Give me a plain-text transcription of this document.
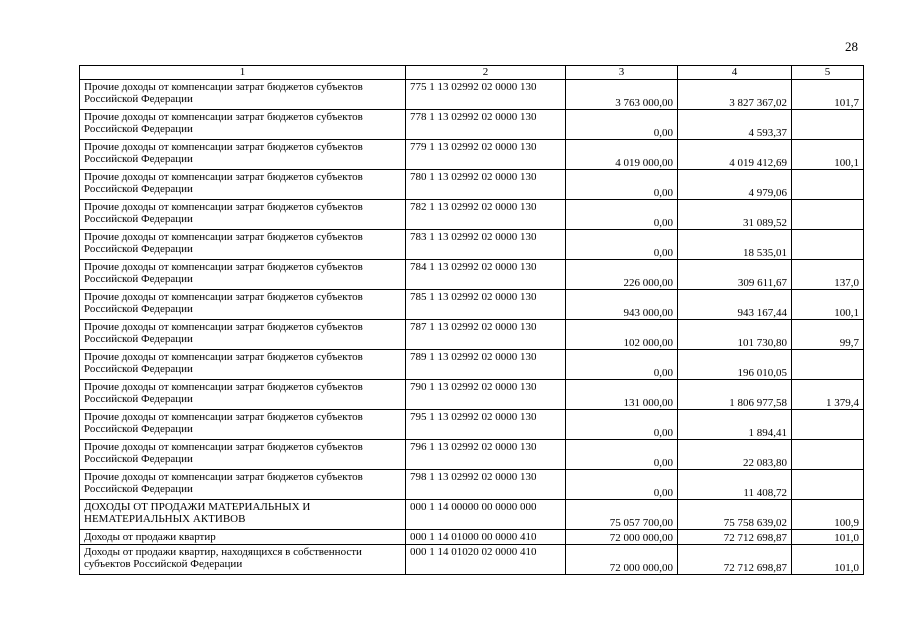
28
1	2	3	4	5
Прочие доходы от компенсации затрат бюджетов субъектов Российской Федерации	775 1 13 02992 02 0000 130	3 763 000,00	3 827 367,02	101,7
Прочие доходы от компенсации затрат бюджетов субъектов Российской Федерации	778 1 13 02992 02 0000 130	0,00	4 593,37	
Прочие доходы от компенсации затрат бюджетов субъектов Российской Федерации	779 1 13 02992 02 0000 130	4 019 000,00	4 019 412,69	100,1
Прочие доходы от компенсации затрат бюджетов субъектов Российской Федерации	780 1 13 02992 02 0000 130	0,00	4 979,06	
Прочие доходы от компенсации затрат бюджетов субъектов Российской Федерации	782 1 13 02992 02 0000 130	0,00	31 089,52	
Прочие доходы от компенсации затрат бюджетов субъектов Российской Федерации	783 1 13 02992 02 0000 130	0,00	18 535,01	
Прочие доходы от компенсации затрат бюджетов субъектов Российской Федерации	784 1 13 02992 02 0000 130	226 000,00	309 611,67	137,0
Прочие доходы от компенсации затрат бюджетов субъектов Российской Федерации	785 1 13 02992 02 0000 130	943 000,00	943 167,44	100,1
Прочие доходы от компенсации затрат бюджетов субъектов Российской Федерации	787 1 13 02992 02 0000 130	102 000,00	101 730,80	99,7
Прочие доходы от компенсации затрат бюджетов субъектов Российской Федерации	789 1 13 02992 02 0000 130	0,00	196 010,05	
Прочие доходы от компенсации затрат бюджетов субъектов Российской Федерации	790 1 13 02992 02 0000 130	131 000,00	1 806 977,58	1 379,4
Прочие доходы от компенсации затрат бюджетов субъектов Российской Федерации	795 1 13 02992 02 0000 130	0,00	1 894,41	
Прочие доходы от компенсации затрат бюджетов субъектов Российской Федерации	796 1 13 02992 02 0000 130	0,00	22 083,80	
Прочие доходы от компенсации затрат бюджетов субъектов Российской Федерации	798 1 13 02992 02 0000 130	0,00	11 408,72	
ДОХОДЫ ОТ ПРОДАЖИ МАТЕРИАЛЬНЫХ И НЕМАТЕРИАЛЬНЫХ АКТИВОВ	000 1 14 00000 00 0000 000	75 057 700,00	75 758 639,02	100,9
Доходы от продажи квартир	000 1 14 01000 00 0000 410	72 000 000,00	72 712 698,87	101,0
Доходы от продажи квартир, находящихся в собственности субъектов Российской Федерации	000 1 14 01020 02 0000 410	72 000 000,00	72 712 698,87	101,0
